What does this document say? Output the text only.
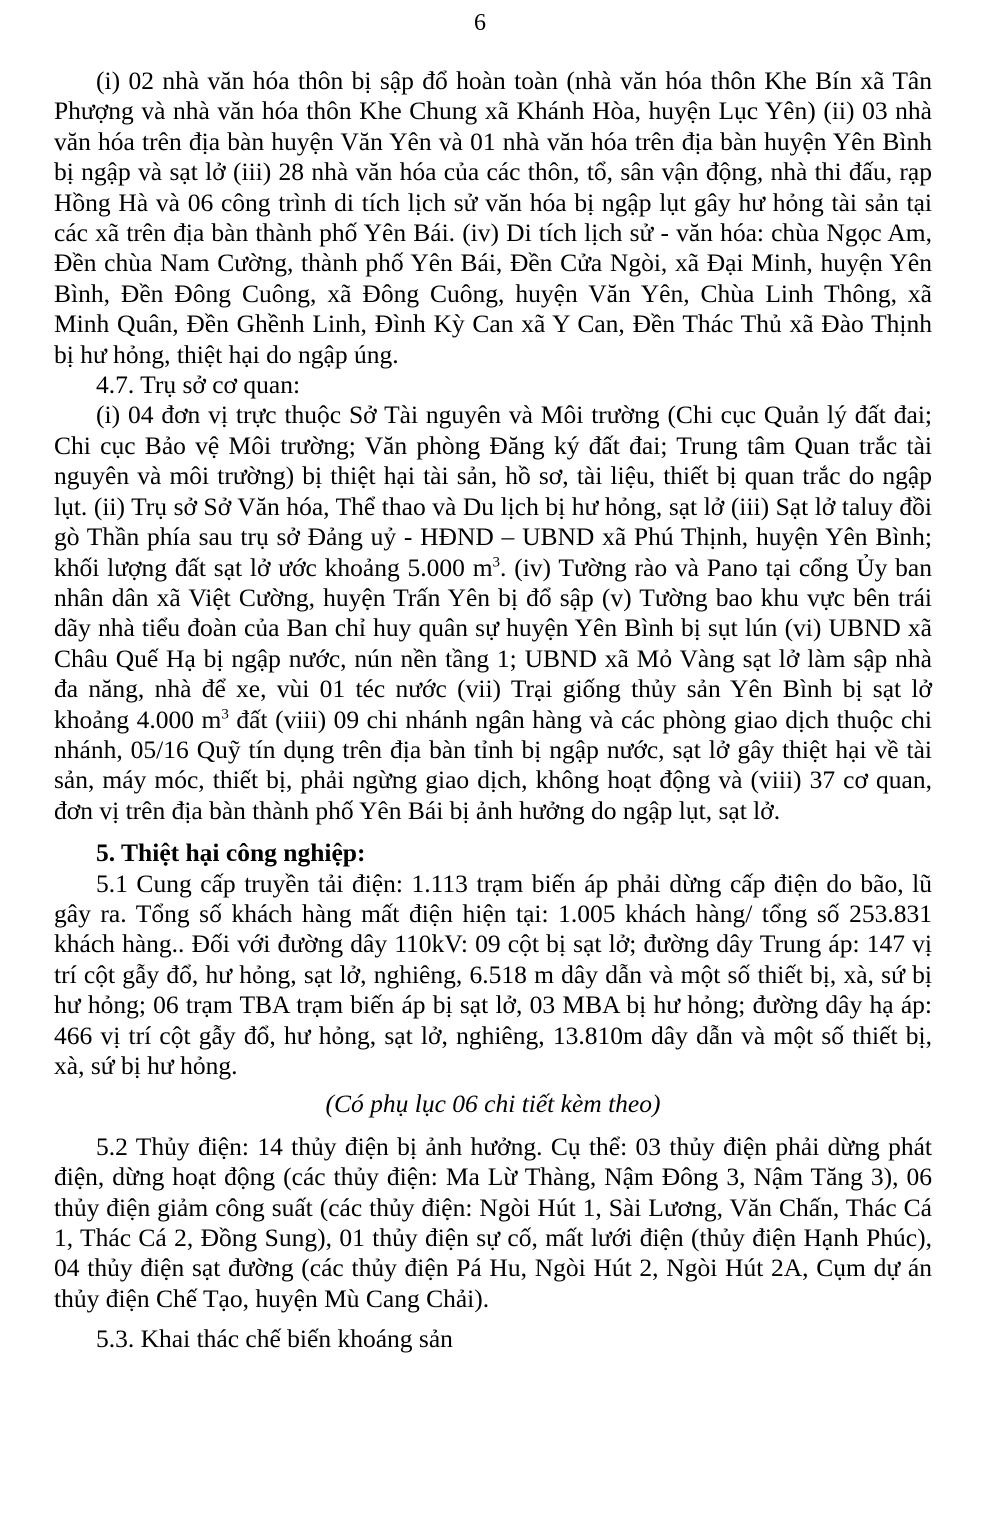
6

(i) 02 nhà văn hóa thôn bị sập đổ hoàn toàn (nhà văn hóa thôn Khe Bín xã Tân Phượng và nhà văn hóa thôn Khe Chung xã Khánh Hòa, huyện Lục Yên) (ii) 03 nhà văn hóa trên địa bàn huyện Văn Yên và 01 nhà văn hóa trên địa bàn huyện Yên Bình bị ngập và sạt lở (iii) 28 nhà văn hóa của các thôn, tổ, sân vận động, nhà thi đấu, rạp Hồng Hà và 06 công trình di tích lịch sử văn hóa bị ngập lụt gây hư hỏng tài sản tại các xã trên địa bàn thành phố Yên Bái. (iv) Di tích lịch sử - văn hóa: chùa Ngọc Am, Đền chùa Nam Cường, thành phố Yên Bái, Đền Cửa Ngòi, xã Đại Minh, huyện Yên Bình, Đền Đông Cuông, xã Đông Cuông, huyện Văn Yên, Chùa Linh Thông, xã Minh Quân, Đền Ghềnh Linh, Đình Kỳ Can xã Y Can, Đền Thác Thủ xã Đào Thịnh bị hư hỏng, thiệt hại do ngập úng.

4.7. Trụ sở cơ quan:

(i) 04 đơn vị trực thuộc Sở Tài nguyên và Môi trường (Chi cục Quản lý đất đai; Chi cục Bảo vệ Môi trường; Văn phòng Đăng ký đất đai; Trung tâm Quan trắc tài nguyên và môi trường) bị thiệt hại tài sản, hồ sơ, tài liệu, thiết bị quan trắc do ngập lụt. (ii) Trụ sở Sở Văn hóa, Thể thao và Du lịch bị hư hỏng, sạt lở (iii) Sạt lở taluy đồi gò Thần phía sau trụ sở Đảng uỷ - HĐND – UBND xã Phú Thịnh, huyện Yên Bình; khối lượng đất sạt lở ước khoảng 5.000 $m^3$. (iv) Tường rào và Pano tại cổng Ủy ban nhân dân xã Việt Cường, huyện Trấn Yên bị đổ sập (v) Tường bao khu vực bên trái dãy nhà tiểu đoàn của Ban chỉ huy quân sự huyện Yên Bình bị sụt lún (vi) UBND xã Châu Quế Hạ bị ngập nước, nún nền tầng 1; UBND xã Mỏ Vàng sạt lở làm sập nhà đa năng, nhà để xe, vùi 01 téc nước (vii) Trại giống thủy sản Yên Bình bị sạt lở khoảng 4.000 $m^3$ đất (viii) 09 chi nhánh ngân hàng và các phòng giao dịch thuộc chi nhánh, 05/16 Quỹ tín dụng trên địa bàn tỉnh bị ngập nước, sạt lở gây thiệt hại về tài sản, máy móc, thiết bị, phải ngừng giao dịch, không hoạt động và (viii) 37 cơ quan, đơn vị trên địa bàn thành phố Yên Bái bị ảnh hưởng do ngập lụt, sạt lở.

5. Thiệt hại công nghiệp:

5.1 Cung cấp truyền tải điện: 1.113 trạm biến áp phải dừng cấp điện do bão, lũ gây ra. Tổng số khách hàng mất điện hiện tại: 1.005 khách hàng/ tổng số 253.831 khách hàng.. Đối với đường dây 110kV: 09 cột bị sạt lở; đường dây Trung áp: 147 vị trí cột gẫy đổ, hư hỏng, sạt lở, nghiêng, 6.518 m dây dẫn và một số thiết bị, xà, sứ bị hư hỏng; 06 trạm TBA trạm biến áp bị sạt lở, 03 MBA bị hư hỏng; đường dây hạ áp: 466 vị trí cột gẫy đổ, hư hỏng, sạt lở, nghiêng, 13.810m dây dẫn và một số thiết bị, xà, sứ bị hư hỏng.

(Có phụ lục 06 chi tiết kèm theo)

5.2 Thủy điện: 14 thủy điện bị ảnh hưởng. Cụ thể: 03 thủy điện phải dừng phát điện, dừng hoạt động (các thủy điện: Ma Lừ Thàng, Nậm Đông 3, Nậm Tăng 3), 06 thủy điện giảm công suất (các thủy điện: Ngòi Hút 1, Sài Lương, Văn Chấn, Thác Cá 1, Thác Cá 2, Đồng Sung), 01 thủy điện sự cố, mất lưới điện (thủy điện Hạnh Phúc), 04 thủy điện sạt đường (các thủy điện Pá Hu, Ngòi Hút 2, Ngòi Hút 2A, Cụm dự án thủy điện Chế Tạo, huyện Mù Cang Chải).

5.3. Khai thác chế biến khoáng sản
